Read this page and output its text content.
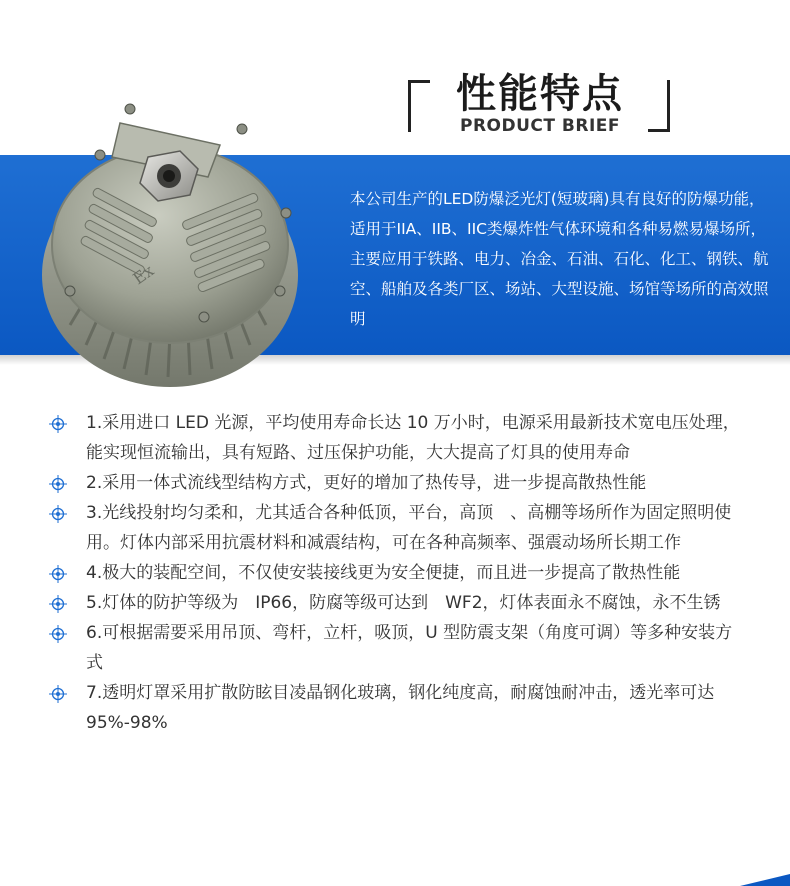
性能特点
PRODUCT BRIEF
本公司生产的LED防爆泛光灯(短玻璃)具有良好的防爆功能，适用于IIA、IIB、IIC类爆炸性气体环境和各种易燃易爆场所，主要应用于铁路、电力、冶金、石油、石化、化工、钢铁、航空、船舶及各类厂区、场站、大型设施、场馆等场所的高效照明
Ex
1.采用进口 LED 光源，平均使用寿命长达 10 万小时，电源采用最新技术宽电压处理，能实现恒流输出，具有短路、过压保护功能，大大提高了灯具的使用寿命
2.采用一体式流线型结构方式，更好的增加了热传导，进一步提高散热性能
3.光线投射均匀柔和，尤其适合各种低顶，平台，高顶　、高棚等场所作为固定照明使用。灯体内部采用抗震材料和减震结构，可在各种高频率、强震动场所长期工作
4.极大的装配空间，不仅使安装接线更为安全便捷，而且进一步提高了散热性能
5.灯体的防护等级为　IP66，防腐等级可达到　WF2，灯体表面永不腐蚀，永不生锈
6.可根据需要采用吊顶、弯杆，立杆，吸顶，U 型防震支架（角度可调）等多种安装方式
7.透明灯罩采用扩散防眩目凌晶钢化玻璃，钢化纯度高，耐腐蚀耐冲击，透光率可达 95%-98%
